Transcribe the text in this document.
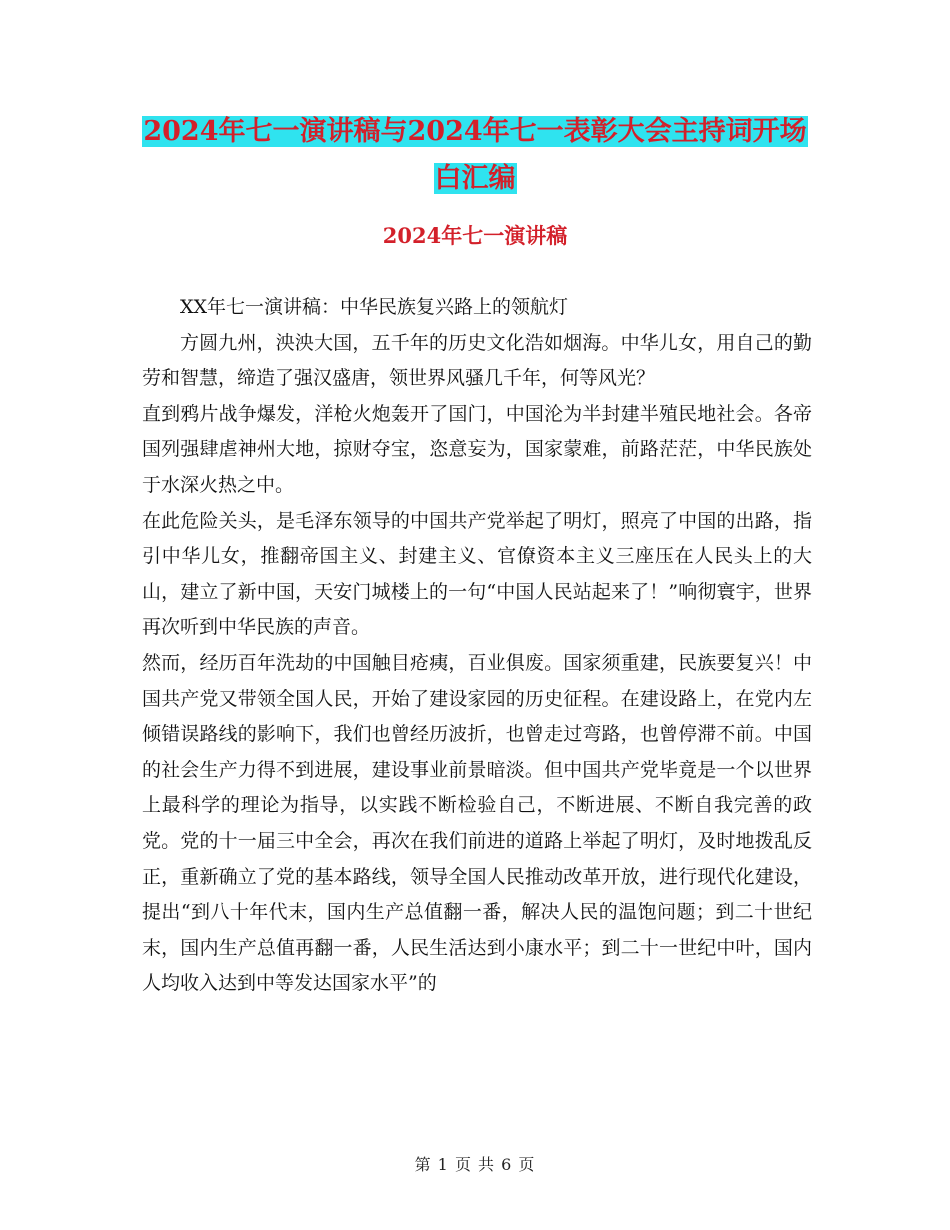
2024年七一演讲稿与2024年七一表彰大会主持词开场
白汇编
2024年七一演讲稿

XX年七一演讲稿：中华民族复兴路上的领航灯

方圆九州，泱泱大国，五千年的历史文化浩如烟海。中华儿女，用自己的勤劳和智慧，缔造了强汉盛唐，领世界风骚几千年，何等风光？

直到鸦片战争爆发，洋枪火炮轰开了国门，中国沦为半封建半殖民地社会。各帝国列强肆虐神州大地，掠财夺宝，恣意妄为，国家蒙难，前路茫茫，中华民族处于水深火热之中。

在此危险关头，是毛泽东领导的中国共产党举起了明灯，照亮了中国的出路，指引中华儿女，推翻帝国主义、封建主义、官僚资本主义三座压在人民头上的大山，建立了新中国，天安门城楼上的一句“中国人民站起来了！”响彻寰宇，世界再次听到中华民族的声音。

然而，经历百年洗劫的中国触目疮痍，百业俱废。国家须重建，民族要复兴！中国共产党又带领全国人民，开始了建设家园的历史征程。在建设路上，在党内左倾错误路线的影响下，我们也曾经历波折，也曾走过弯路，也曾停滞不前。中国的社会生产力得不到进展，建设事业前景暗淡。但中国共产党毕竟是一个以世界上最科学的理论为指导，以实践不断检验自己，不断进展、不断自我完善的政党。党的十一届三中全会，再次在我们前进的道路上举起了明灯，及时地拨乱反正，重新确立了党的基本路线，领导全国人民推动改革开放，进行现代化建设，提出“到八十年代末，国内生产总值翻一番，解决人民的温饱问题；到二十世纪末，国内生产总值再翻一番，人民生活达到小康水平；到二十一世纪中叶，国内人均收入达到中等发达国家水平”的

第 1 页 共 6 页
